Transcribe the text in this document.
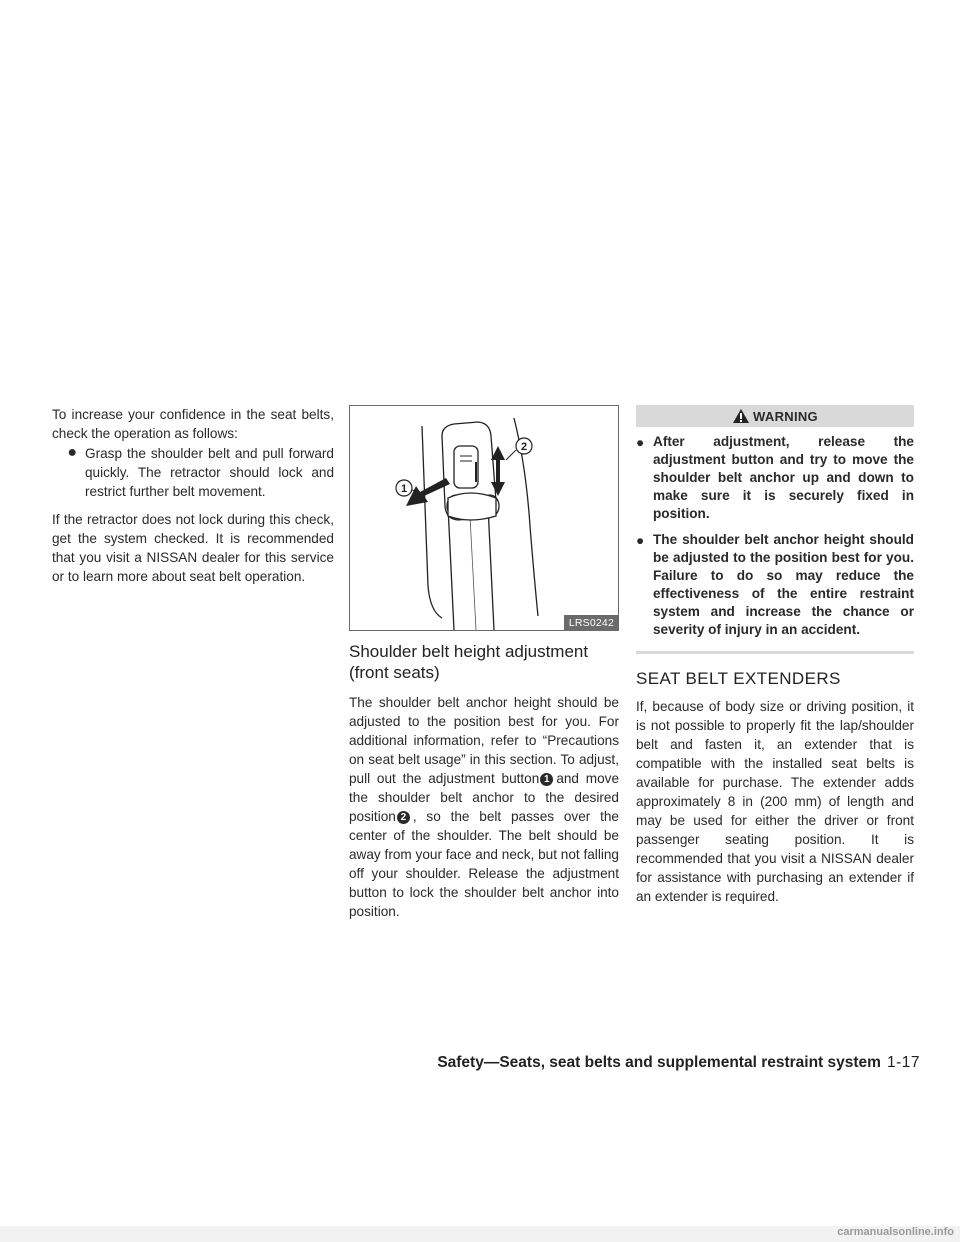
To increase your confidence in the seat belts, check the operation as follows:

● Grasp the shoulder belt and pull forward quickly. The retractor should lock and restrict further belt movement.

If the retractor does not lock during this check, get the system checked. It is recommended that you visit a NISSAN dealer for this service or to learn more about seat belt operation.

1
2
LRS0242
Shoulder belt height adjustment (front seats)

The shoulder belt anchor height should be adjusted to the position best for you. For additional information, refer to “Precautions on seat belt usage” in this section. To adjust, pull out the adjustment button 1 and move the shoulder belt anchor to the desired position 2 , so the belt passes over the center of the shoulder. The belt should be away from your face and neck, but not falling off your shoulder. Release the adjustment button to lock the shoulder belt anchor into position.

WARNING
● After adjustment, release the adjustment button and try to move the shoulder belt anchor up and down to make sure it is securely fixed in position.
● The shoulder belt anchor height should be adjusted to the position best for you. Failure to do so may reduce the effectiveness of the entire restraint system and increase the chance or severity of injury in an accident.
SEAT BELT EXTENDERS

If, because of body size or driving position, it is not possible to properly fit the lap/shoulder belt and fasten it, an extender that is compatible with the installed seat belts is available for purchase. The extender adds approximately 8 in (200 mm) of length and may be used for either the driver or front passenger seating position. It is recommended that you visit a NISSAN dealer for assistance with purchasing an extender if an extender is required.

Safety—Seats, seat belts and supplemental restraint system 1-17
carmanualsonline.info
